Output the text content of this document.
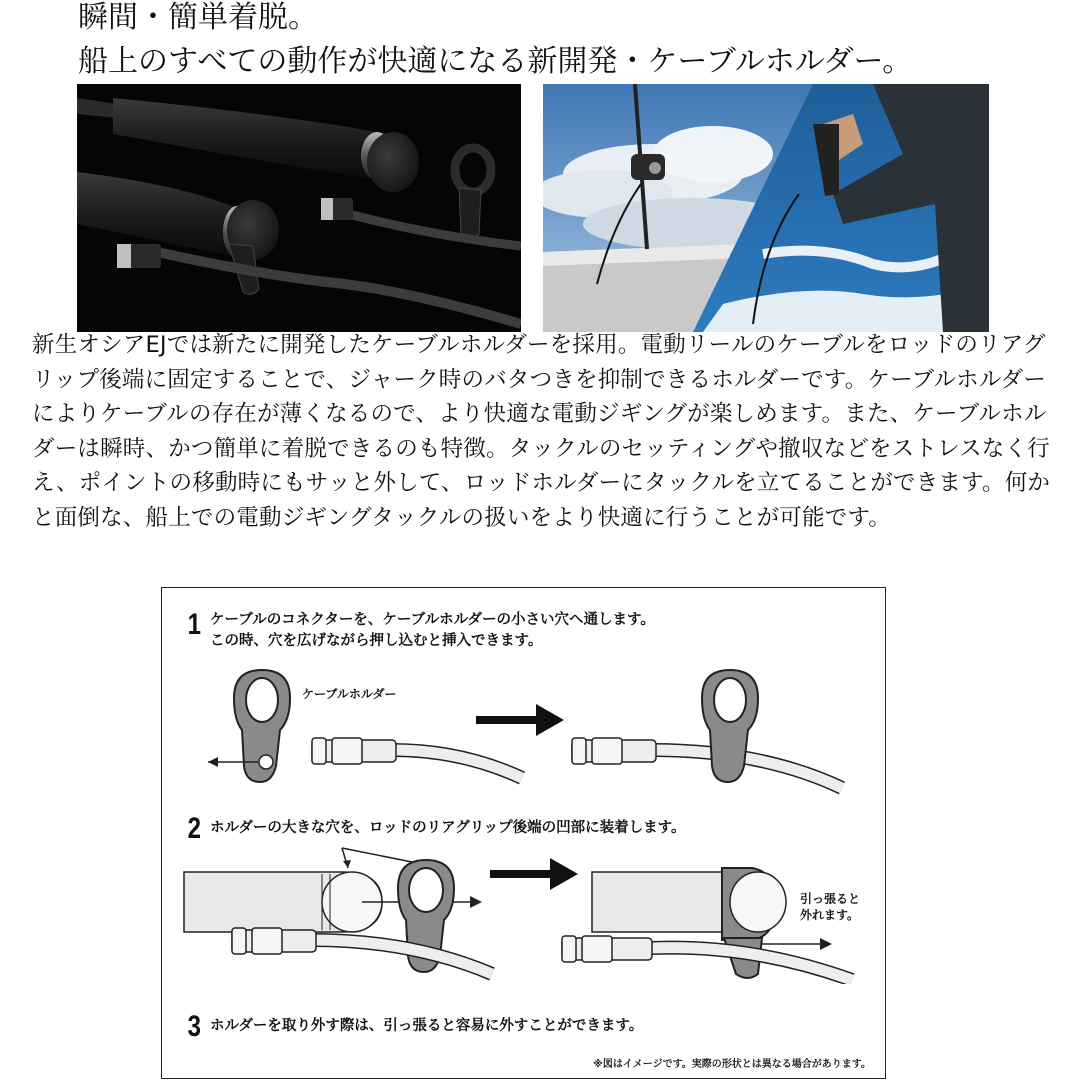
瞬間・簡単着脱。
船上のすべての動作が快適になる新開発・ケーブルホルダー。
新生オシアEJでは新たに開発したケーブルホルダーを採用。電動リールのケーブルをロッドのリアグリップ後端に固定することで、ジャーク時のバタつきを抑制できるホルダーです。ケーブルホルダーによりケーブルの存在が薄くなるので、より快適な電動ジギングが楽しめます。また、ケーブルホルダーは瞬時、かつ簡単に着脱できるのも特徴。タックルのセッティングや撤収などをストレスなく行え、ポイントの移動時にもサッと外して、ロッドホルダーにタックルを立てることができます。何かと面倒な、船上での電動ジギングタックルの扱いをより快適に行うことが可能です。
1 ケーブルのコネクターを、ケーブルホルダーの小さい穴へ通します。
この時、穴を広げながら押し込むと挿入できます。
ケーブルホルダー
2 ホルダーの大きな穴を、ロッドのリアグリップ後端の凹部に装着します。
引っ張ると
外れます。
3 ホルダーを取り外す際は、引っ張ると容易に外すことができます。
※図はイメージです。実際の形状とは異なる場合があります。
